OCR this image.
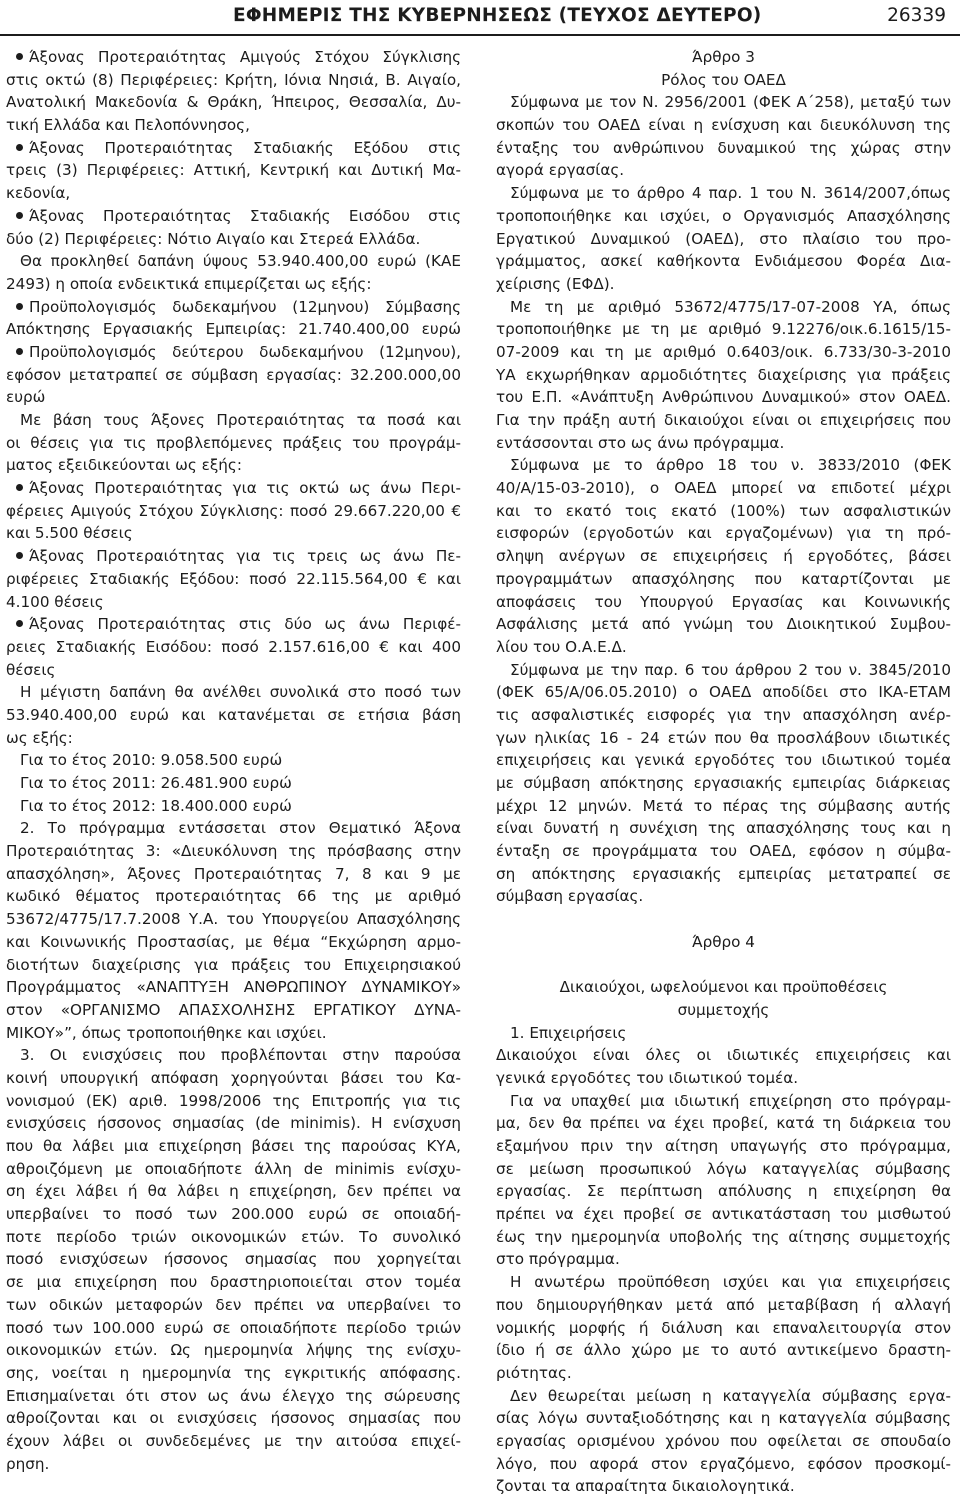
ΕΦΗΜΕΡΙΣ ΤΗΣ ΚΥΒΕΡΝΗΣΕΩΣ (ΤΕΥΧΟΣ ΔΕΥΤΕΡΟ)	26339
Άξονας Προτεραιότητας Αμιγούς Στόχου Σύγκλισης
στις οκτώ (8) Περιφέρειες: Κρήτη, Ιόνια Νησιά, Β. Αιγαίο,
Ανατολική Μακεδονία & Θράκη, Ήπειρος, Θεσσαλία, Δυ-
τική Ελλάδα και Πελοπόννησος,
Άξονας Προτεραιότητας Σταδιακής Εξόδου στις
τρεις (3) Περιφέρειες: Αττική, Κεντρική και Δυτική Μα-
κεδονία,
Άξονας Προτεραιότητας Σταδιακής Εισόδου στις
δύο (2) Περιφέρειες: Νότιο Αιγαίο και Στερεά Ελλάδα.
Θα προκληθεί δαπάνη ύψους 53.940.400,00 ευρώ (ΚΑΕ
2493) η οποία ενδεικτικά επιμερίζεται ως εξής:
Προϋπολογισμός δωδεκαμήνου (12μηνου) Σύμβασης
Απόκτησης Εργασιακής Εμπειρίας: 21.740.400,00 ευρώ
Προϋπολογισμός δεύτερου δωδεκαμήνου (12μηνου),
εφόσον μετατραπεί σε σύμβαση εργασίας: 32.200.000,00
ευρώ
Με βάση τους Άξονες Προτεραιότητας τα ποσά και
οι θέσεις για τις προβλεπόμενες πράξεις του προγράμ-
ματος εξειδικεύονται ως εξής:
Άξονας Προτεραιότητας για τις οκτώ ως άνω Περι-
φέρειες Αμιγούς Στόχου Σύγκλισης: ποσό 29.667.220,00 €
και 5.500 θέσεις
Άξονας Προτεραιότητας για τις τρεις ως άνω Πε-
ριφέρειες Σταδιακής Εξόδου: ποσό 22.115.564,00 € και
4.100 θέσεις
Άξονας Προτεραιότητας στις δύο ως άνω Περιφέ-
ρειες Σταδιακής Εισόδου: ποσό 2.157.616,00 € και 400
θέσεις
Η μέγιστη δαπάνη θα ανέλθει συνολικά στο ποσό των
53.940.400,00 ευρώ και κατανέμεται σε ετήσια βάση
ως εξής:
Για το έτος 2010: 9.058.500 ευρώ
Για το έτος 2011: 26.481.900 ευρώ
Για το έτος 2012: 18.400.000 ευρώ
2. Το πρόγραμμα εντάσσεται στον Θεματικό Άξονα
Προτεραιότητας 3: «Διευκόλυνση της πρόσβασης στην
απασχόληση», Άξονες Προτεραιότητας 7, 8 και 9 με
κωδικό θέματος προτεραιότητας 66 της με αριθμό
53672/4775/17.7.2008 Υ.Α. του Υπουργείου Απασχόλησης
και Κοινωνικής Προστασίας, με θέμα “Εκχώρηση αρμο-
διοτήτων διαχείρισης για πράξεις του Επιχειρησιακού
Προγράμματος «ΑΝΑΠΤΥΞΗ ΑΝΘΡΩΠΙΝΟΥ ΔΥΝΑΜΙΚΟΥ»
στον «ΟΡΓΑΝΙΣΜΟ ΑΠΑΣΧΟΛΗΣΗΣ ΕΡΓΑΤΙΚΟΥ ΔΥΝΑ-
ΜΙΚΟΥ»”, όπως τροποποιήθηκε και ισχύει.
3. Οι ενισχύσεις που προβλέπονται στην παρούσα
κοινή υπουργική απόφαση χορηγούνται βάσει του Κα-
νονισμού (ΕΚ) αριθ. 1998/2006 της Επιτροπής για τις
ενισχύσεις ήσσονος σημασίας (de minimis). Η ενίσχυση
που θα λάβει μια επιχείρηση βάσει της παρούσας ΚΥΑ,
αθροιζόμενη με οποιαδήποτε άλλη de minimis ενίσχυ-
ση έχει λάβει ή θα λάβει η επιχείρηση, δεν πρέπει να
υπερβαίνει το ποσό των 200.000 ευρώ σε οποιαδή-
ποτε περίοδο τριών οικονομικών ετών. Το συνολικό
ποσό ενισχύσεων ήσσονος σημασίας που χορηγείται
σε μια επιχείρηση που δραστηριοποιείται στον τομέα
των οδικών μεταφορών δεν πρέπει να υπερβαίνει το
ποσό των 100.000 ευρώ σε οποιαδήποτε περίοδο τριών
οικονομικών ετών. Ως ημερομηνία λήψης της ενίσχυ-
σης, νοείται η ημερομηνία της εγκριτικής απόφασης.
Επισημαίνεται ότι στον ως άνω έλεγχο της σώρευσης
αθροίζονται και οι ενισχύσεις ήσσονος σημασίας που
έχουν λάβει οι συνδεδεμένες με την αιτούσα επιχεί-
ρηση.
Άρθρο 3
Ρόλος του ΟΑΕΔ
Σύμφωνα με τον Ν. 2956/2001 (ΦΕΚ Α΄258), μεταξύ των
σκοπών του ΟΑΕΔ είναι η ενίσχυση και διευκόλυνση της
ένταξης του ανθρώπινου δυναμικού της χώρας στην
αγορά εργασίας.
Σύμφωνα με το άρθρο 4 παρ. 1 του Ν. 3614/2007,όπως
τροποποιήθηκε και ισχύει, ο Οργανισμός Απασχόλησης
Εργατικού Δυναμικού (ΟΑΕΔ), στο πλαίσιο του προ-
γράμματος, ασκεί καθήκοντα Ενδιάμεσου Φορέα Δια-
χείρισης (ΕΦΔ).
Με τη με αριθμό 53672/4775/17-07-2008 ΥΑ, όπως
τροποποιήθηκε με τη με αριθμό 9.12276/οικ.6.1615/15-
07-2009 και τη με αριθμό 0.6403/οικ. 6.733/30-3-2010
ΥΑ εκχωρήθηκαν αρμοδιότητες διαχείρισης για πράξεις
του Ε.Π. «Ανάπτυξη Ανθρώπινου Δυναμικού» στον ΟΑΕΔ.
Για την πράξη αυτή δικαιούχοι είναι οι επιχειρήσεις που
εντάσσονται στο ως άνω πρόγραμμα.
Σύμφωνα με το άρθρο 18 του ν. 3833/2010 (ΦΕΚ
40/Α/15-03-2010), ο ΟΑΕΔ μπορεί να επιδοτεί μέχρι
και το εκατό τοις εκατό (100%) των ασφαλιστικών
εισφορών (εργοδοτών και εργαζομένων) για τη πρό-
σληψη ανέργων σε επιχειρήσεις ή εργοδότες, βάσει
προγραμμάτων απασχόλησης που καταρτίζονται με
αποφάσεις του Υπουργού Εργασίας και Κοινωνικής
Ασφάλισης μετά από γνώμη του Διοικητικού Συμβου-
λίου του Ο.Α.Ε.Δ.
Σύμφωνα με την παρ. 6 του άρθρου 2 του ν. 3845/2010
(ΦΕΚ 65/Α/06.05.2010) ο ΟΑΕΔ αποδίδει στο ΙΚΑ-ΕΤΑΜ
τις ασφαλιστικές εισφορές για την απασχόληση ανέρ-
γων ηλικίας 16 - 24 ετών που θα προσλάβουν ιδιωτικές
επιχειρήσεις και γενικά εργοδότες του ιδιωτικού τομέα
με σύμβαση απόκτησης εργασιακής εμπειρίας διάρκειας
μέχρι 12 μηνών. Μετά το πέρας της σύμβασης αυτής
είναι δυνατή η συνέχιση της απασχόλησης τους και η
ένταξη σε προγράμματα του ΟΑΕΔ, εφόσον η σύμβα-
ση απόκτησης εργασιακής εμπειρίας μετατραπεί σε
σύμβαση εργασίας.
Άρθρο 4
Δικαιούχοι, ωφελούμενοι και προϋποθέσεις
συμμετοχής
1. Επιχειρήσεις
Δικαιούχοι είναι όλες οι ιδιωτικές επιχειρήσεις και
γενικά εργοδότες του ιδιωτικού τομέα.
Για να υπαχθεί μια ιδιωτική επιχείρηση στο πρόγραμ-
μα, δεν θα πρέπει να έχει προβεί, κατά τη διάρκεια του
εξαμήνου πριν την αίτηση υπαγωγής στο πρόγραμμα,
σε μείωση προσωπικού λόγω καταγγελίας σύμβασης
εργασίας. Σε περίπτωση απόλυσης η επιχείρηση θα
πρέπει να έχει προβεί σε αντικατάσταση του μισθωτού
έως την ημερομηνία υποβολής της αίτησης συμμετοχής
στο πρόγραμμα.
Η ανωτέρω προϋπόθεση ισχύει και για επιχειρήσεις
που δημιουργήθηκαν μετά από μεταβίβαση ή αλλαγή
νομικής μορφής ή διάλυση και επαναλειτουργία στον
ίδιο ή σε άλλο χώρο με το αυτό αντικείμενο δραστη-
ριότητας.
Δεν θεωρείται μείωση η καταγγελία σύμβασης εργα-
σίας λόγω συνταξιοδότησης και η καταγγελία σύμβασης
εργασίας ορισμένου χρόνου που οφείλεται σε σπουδαίο
λόγο, που αφορά στον εργαζόμενο, εφόσον προσκομί-
ζονται τα απαραίτητα δικαιολογητικά.
